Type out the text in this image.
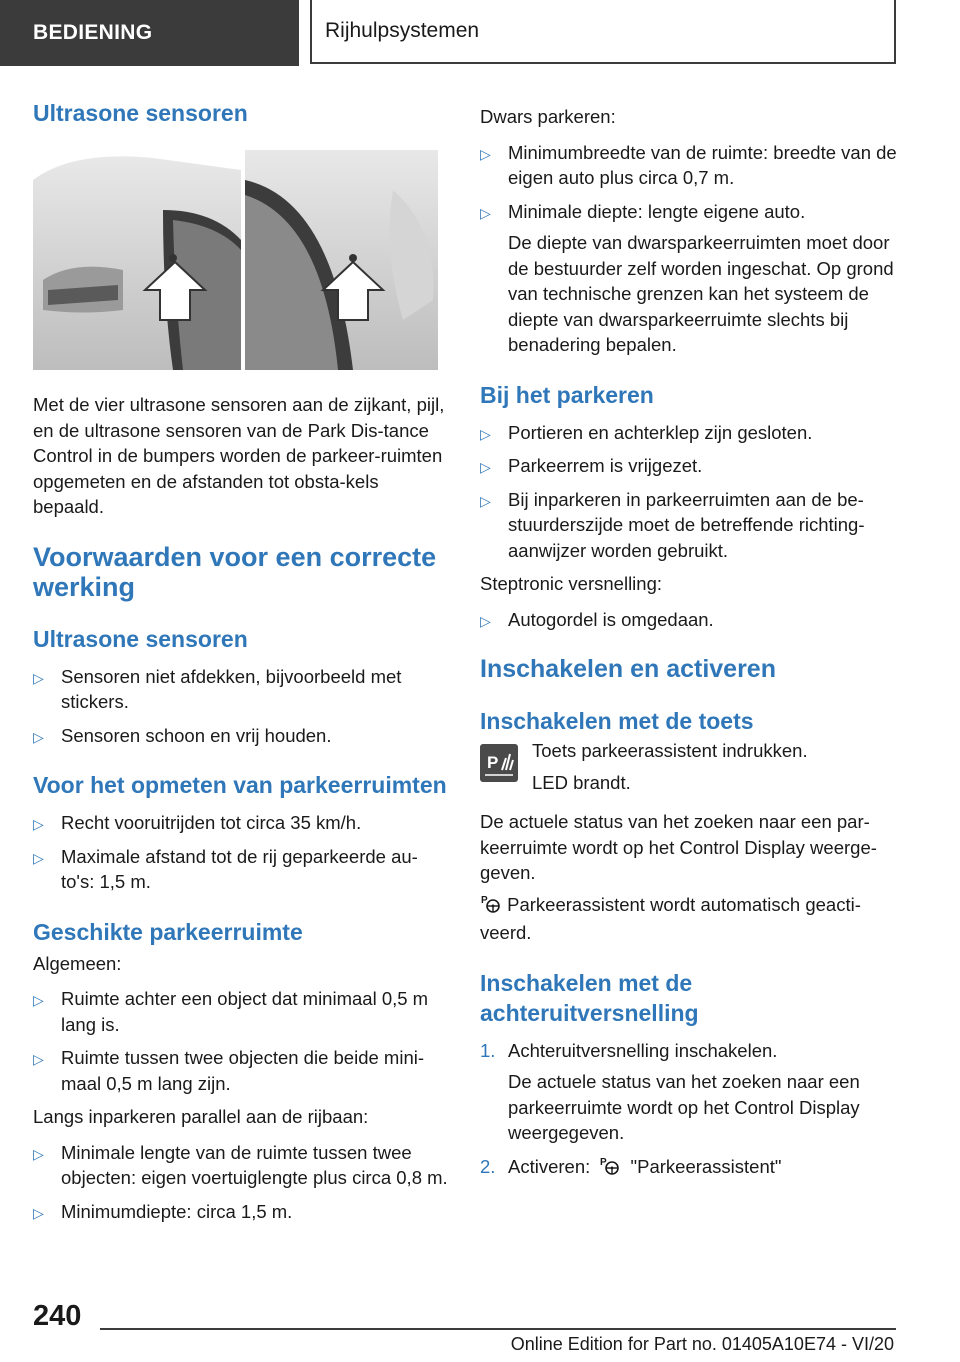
BEDIENING	Rijhulpsystemen
Ultrasone sensoren

Met de vier ultrasone sensoren aan de zijkant, pijl, en de ultrasone sensoren van de Park Dis-tance Control in de bumpers worden de parkeer-ruimten opgemeten en de afstanden tot obsta-kels bepaald.

Voorwaarden voor een correcte werking
Ultrasone sensoren
▷ Sensoren niet afdekken, bijvoorbeeld met stickers.
▷ Sensoren schoon en vrij houden.
Voor het opmeten van parkeerruimten
▷ Recht vooruitrijden tot circa 35 km/h.
▷ Maximale afstand tot de rij geparkeerde au-to's: 1,5 m.
Geschikte parkeerruimte

Algemeen:

▷ Ruimte achter een object dat minimaal 0,5 m lang is.
▷ Ruimte tussen twee objecten die beide mini-maal 0,5 m lang zijn.

Langs inparkeren parallel aan de rijbaan:

▷ Minimale lengte van de ruimte tussen twee objecten: eigen voertuiglengte plus circa 0,8 m.
▷ Minimumdiepte: circa 1,5 m.

Dwars parkeren:

▷ Minimumbreedte van de ruimte: breedte van de eigen auto plus circa 0,7 m.
▷ Minimale diepte: lengte eigene auto.

De diepte van dwarsparkeerruimten moet door de bestuurder zelf worden ingeschat. Op grond van technische grenzen kan het systeem de diepte van dwarsparkeerruimte slechts bij benadering bepalen.

Bij het parkeren
▷ Portieren en achterklep zijn gesloten.
▷ Parkeerrem is vrijgezet.
▷ Bij inparkeren in parkeerruimten aan de be-stuurderszijde moet de betreffende richting-aanwijzer worden gebruikt.

Steptronic versnelling:

▷ Autogordel is omgedaan.
Inschakelen en activeren
Inschakelen met de toets
P

Toets parkeerassistent indrukken.

LED brandt.

De actuele status van het zoeken naar een par-keerruimte wordt op het Control Display weerge-geven.

P Parkeerassistent wordt automatisch geacti-veerd.

Inschakelen met de achteruitversnelling
1. Achteruitversnelling inschakelen.

De actuele status van het zoeken naar een parkeerruimte wordt op het Control Display weergegeven.

2. Activeren: P "Parkeerassistent"
240
Online Edition for Part no. 01405A10E74 - VI/20
